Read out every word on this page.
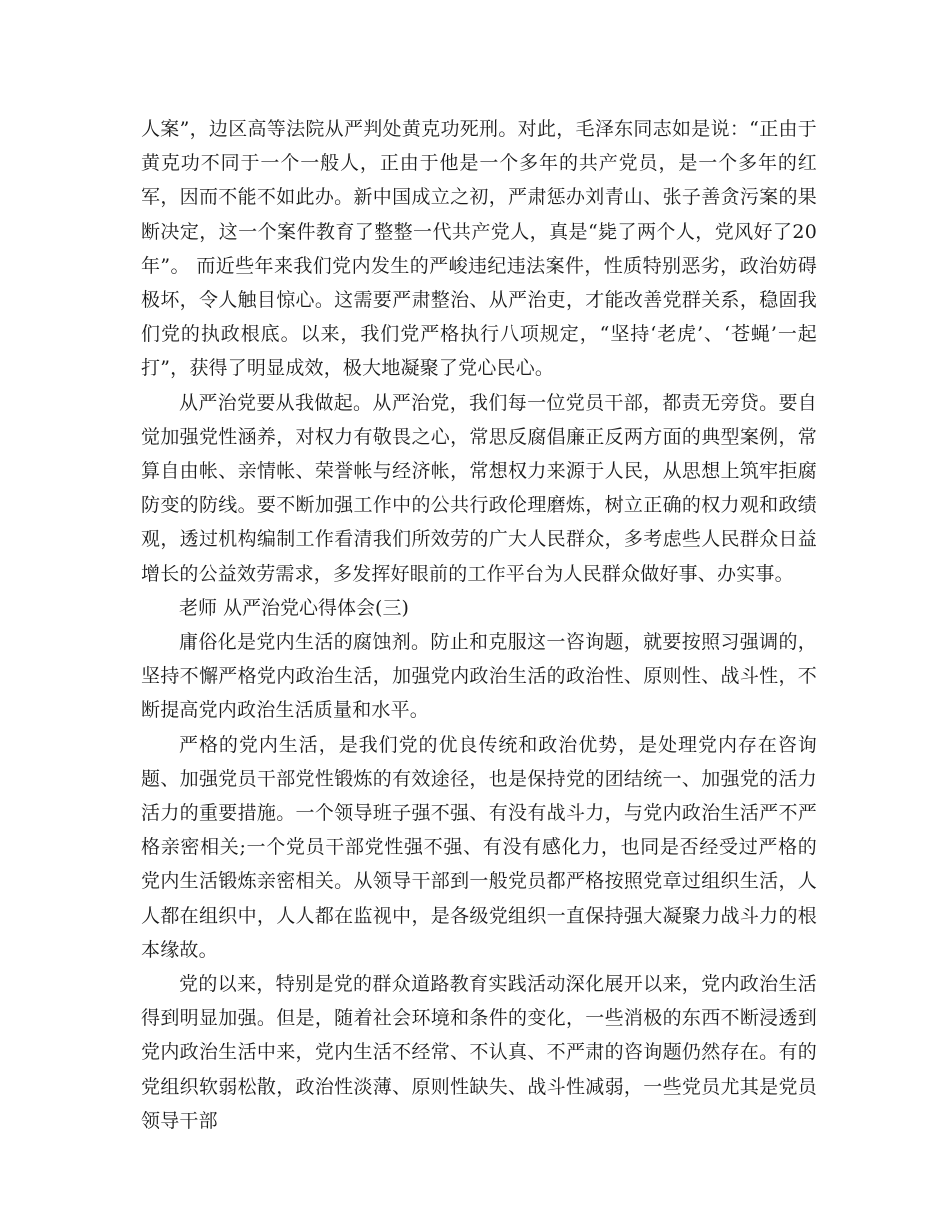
人案”，边区高等法院从严判处黄克功死刑。对此，毛泽东同志如是说：“正由于黄克功不同于一个一般人，正由于他是一个多年的共产党员，是一个多年的红军，因而不能不如此办。新中国成立之初，严肃惩办刘青山、张子善贪污案的果断决定，这一个案件教育了整整一代共产党人，真是“毙了两个人，党风好了20年”。 而近些年来我们党内发生的严峻违纪违法案件，性质特别恶劣，政治妨碍极坏，令人触目惊心。这需要严肃整治、从严治吏，才能改善党群关系，稳固我们党的执政根底。以来，我们党严格执行八项规定，“坚持‘老虎’、‘苍蝇’一起打”，获得了明显成效，极大地凝聚了党心民心。

从严治党要从我做起。从严治党，我们每一位党员干部，都责无旁贷。要自觉加强党性涵养，对权力有敬畏之心，常思反腐倡廉正反两方面的典型案例，常算自由帐、亲情帐、荣誉帐与经济帐，常想权力来源于人民，从思想上筑牢拒腐防变的防线。要不断加强工作中的公共行政伦理磨炼，树立正确的权力观和政绩观，透过机构编制工作看清我们所效劳的广大人民群众，多考虑些人民群众日益增长的公益效劳需求，多发挥好眼前的工作平台为人民群众做好事、办实事。

老师 从严治党心得体会(三)

庸俗化是党内生活的腐蚀剂。防止和克服这一咨询题，就要按照习强调的，坚持不懈严格党内政治生活，加强党内政治生活的政治性、原则性、战斗性，不断提高党内政治生活质量和水平。

严格的党内生活，是我们党的优良传统和政治优势，是处理党内存在咨询题、加强党员干部党性锻炼的有效途径，也是保持党的团结统一、加强党的活力活力的重要措施。一个领导班子强不强、有没有战斗力，与党内政治生活严不严格亲密相关;一个党员干部党性强不强、有没有感化力，也同是否经受过严格的党内生活锻炼亲密相关。从领导干部到一般党员都严格按照党章过组织生活，人人都在组织中，人人都在监视中，是各级党组织一直保持强大凝聚力战斗力的根本缘故。

党的以来，特别是党的群众道路教育实践活动深化展开以来，党内政治生活得到明显加强。但是，随着社会环境和条件的变化，一些消极的东西不断浸透到党内政治生活中来，党内生活不经常、不认真、不严肃的咨询题仍然存在。有的党组织软弱松散，政治性淡薄、原则性缺失、战斗性减弱，一些党员尤其是党员领导干部
